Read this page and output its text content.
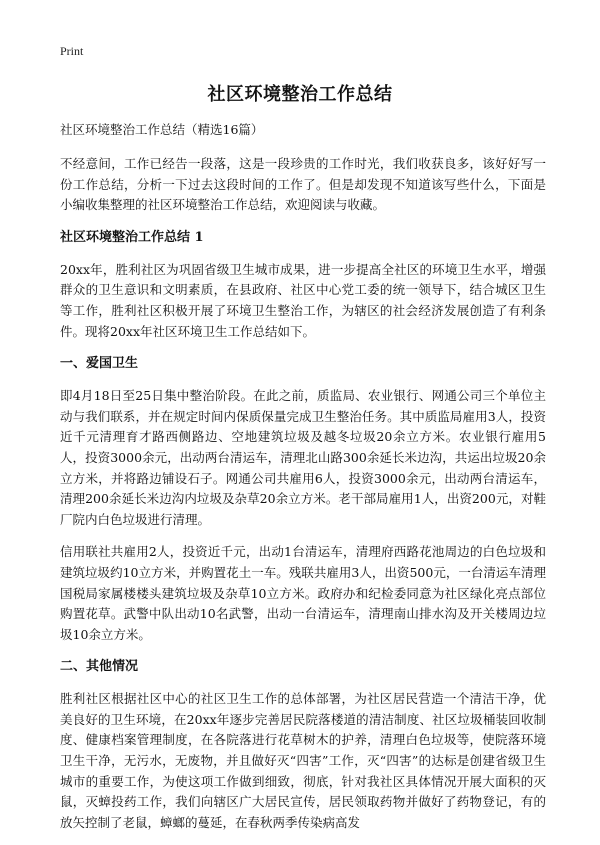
Print
社区环境整治工作总结
社区环境整治工作总结（精选16篇）

不经意间，工作已经告一段落，这是一段珍贵的工作时光，我们收获良多，该好好写一份工作总结，分析一下过去这段时间的工作了。但是却发现不知道该写些什么，下面是小编收集整理的社区环境整治工作总结，欢迎阅读与收藏。

社区环境整治工作总结 1

20xx年，胜利社区为巩固省级卫生城市成果，进一步提高全社区的环境卫生水平，增强群众的卫生意识和文明素质，在县政府、社区中心党工委的统一领导下，结合城区卫生等工作，胜利社区积极开展了环境卫生整治工作，为辖区的社会经济发展创造了有利条件。现将20xx年社区环境卫生工作总结如下。

一、爱国卫生

即4月18日至25日集中整治阶段。在此之前，质监局、农业银行、网通公司三个单位主动与我们联系，并在规定时间内保质保量完成卫生整治任务。其中质监局雇用3人，投资近千元清理育才路西侧路边、空地建筑垃圾及越冬垃圾20余立方米。农业银行雇用5人，投资3000余元，出动两台清运车，清理北山路300余延长米边沟，共运出垃圾20余立方米，并将路边铺设石子。网通公司共雇用6人，投资3000余元，出动两台清运车，清理200余延长米边沟内垃圾及杂草20余立方米。老干部局雇用1人，出资200元，对鞋厂院内白色垃圾进行清理。

信用联社共雇用2人，投资近千元，出动1台清运车，清理府西路花池周边的白色垃圾和建筑垃圾约10立方米，并购置花土一车。残联共雇用3人，出资500元，一台清运车清理国税局家属楼楼头建筑垃圾及杂草10立方米。政府办和纪检委同意为社区绿化亮点部位购置花草。武警中队出动10名武警，出动一台清运车，清理南山排水沟及开关楼周边垃圾10余立方米。

二、其他情况

胜利社区根据社区中心的社区卫生工作的总体部署，为社区居民营造一个清洁干净，优美良好的卫生环境，在20xx年逐步完善居民院落楼道的清洁制度、社区垃圾桶装回收制度、健康档案管理制度，在各院落进行花草树木的护养，清理白色垃圾等，使院落环境卫生干净，无污水，无废物，并且做好灭“四害”工作，灭“四害”的达标是创建省级卫生城市的重要工作，为使这项工作做到细致，彻底，针对我社区具体情况开展大面积的灭鼠，灭蟑投药工作，我们向辖区广大居民宣传，居民领取药物并做好了药物登记，有的放矢控制了老鼠，蟑螂的蔓延，在春秋两季传染病高发
